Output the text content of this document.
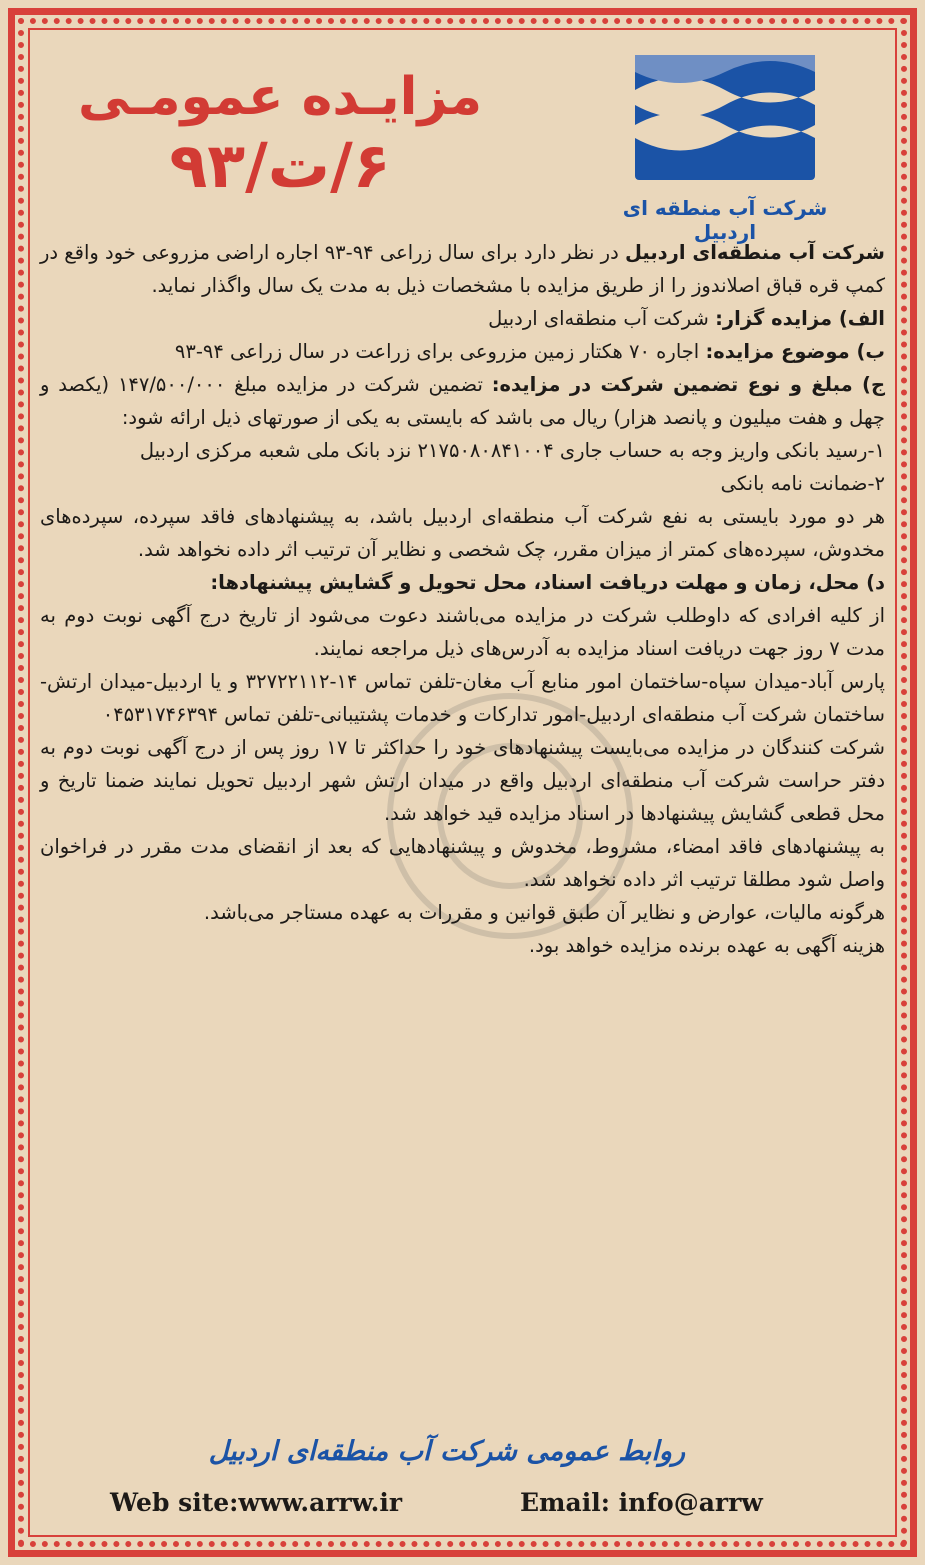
شرکت آب منطقه ای اردبیل
مزایـده عمومـی
۶/ت/۹۳

شرکت آب منطقه‌ای اردبیل در نظر دارد برای سال زراعی ۹۴-۹۳ اجاره اراضی مزروعی خود واقع در کمپ قره قباق اصلاندوز را از طریق مزایده با مشخصات ذیل به مدت یک سال واگذار نماید.

الف) مزایده گزار: شرکت آب منطقه‌ای اردبیل

ب) موضوع مزایده: اجاره ۷۰ هکتار زمین مزروعی برای زراعت در سال زراعی ۹۴-۹۳

ج) مبلغ و نوع تضمین شرکت در مزایده: تضمین شرکت در مزایده مبلغ ۱۴۷/۵۰۰/۰۰۰ (یکصد و چهل و هفت میلیون و پانصد هزار) ریال می باشد که بایستی به یکی از صورتهای ذیل ارائه شود:

۱-رسید بانکی واریز وجه به حساب جاری ۲۱۷۵۰۸۰۸۴۱۰۰۴ نزد بانک ملی شعبه مرکزی اردبیل

۲-ضمانت نامه بانکی

هر دو مورد بایستی به نفع شرکت آب منطقه‌ای اردبیل باشد، به پیشنهادهای فاقد سپرده، سپرده‌های مخدوش، سپرده‌های کمتر از میزان مقرر، چک شخصی و نظایر آن ترتیب اثر داده نخواهد شد.

د) محل، زمان و مهلت دریافت اسناد، محل تحویل و گشایش پیشنهادها:

از کلیه افرادی که داوطلب شرکت در مزایده می‌باشند دعوت می‌شود از تاریخ درج آگهی نوبت دوم به مدت ۷ روز جهت دریافت اسناد مزایده به آدرس‌های ذیل مراجعه نمایند.

پارس آباد-میدان سپاه-ساختمان امور منابع آب مغان-تلفن تماس ۱۴-۳۲۷۲۲۱۱۲ و یا اردبیل-میدان ارتش-ساختمان شرکت آب منطقه‌ای اردبیل-امور تدارکات و خدمات پشتیبانی-تلفن تماس ۰۴۵۳۱۷۴۶۳۹۴

شرکت کنندگان در مزایده می‌بایست پیشنهادهای خود را حداکثر تا ۱۷ روز پس از درج آگهی نوبت دوم به دفتر حراست شرکت آب منطقه‌ای اردبیل واقع در میدان ارتش شهر اردبیل تحویل نمایند ضمنا تاریخ و محل قطعی گشایش پیشنهادها در اسناد مزایده قید خواهد شد.

به پیشنهادهای فاقد امضاء، مشروط، مخدوش و پیشنهادهایی که بعد از انقضای مدت مقرر در فراخوان واصل شود مطلقا ترتیب اثر داده نخواهد شد.

هرگونه مالیات، عوارض و نظایر آن طبق قوانین و مقررات به عهده مستاجر می‌باشد.

هزینه آگهی به عهده برنده مزایده خواهد بود.

روابط عمومی شرکت آب منطقه‌ای اردبیل
Web site:www.arrw.ir	Email: info@arrw
